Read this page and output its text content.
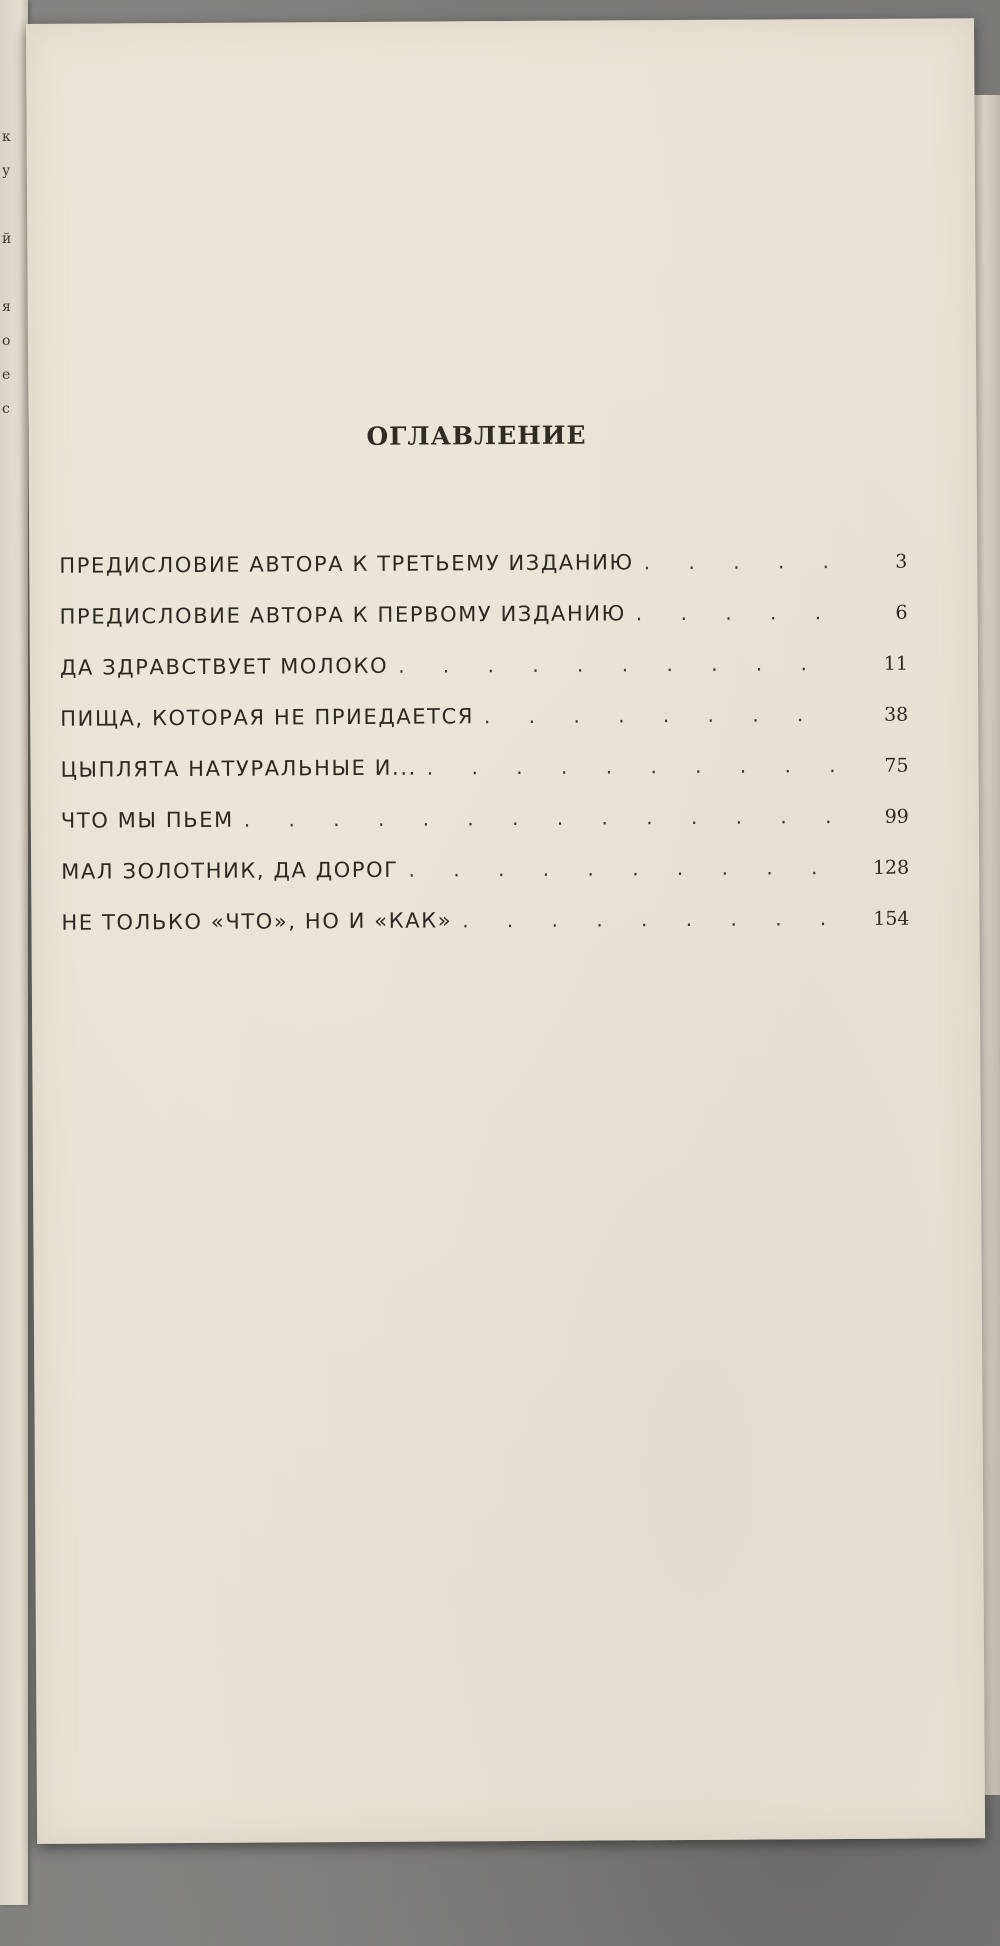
к
у

й

я
о
е
с
ОГЛАВЛЕНИЕ
ПРЕДИСЛОВИЕ АВТОРА К ТРЕТЬЕМУ ИЗДАНИЮ . . .	3
ПРЕДИСЛОВИЕ АВТОРА К ПЕРВОМУ ИЗДАНИЮ . . .	6
ДА ЗДРАВСТВУЕТ МОЛОКО . . .	11
ПИЩА, КОТОРАЯ НЕ ПРИЕДАЕТСЯ . . .	38
ЦЫПЛЯТА НАТУРАЛЬНЫЕ И... . . .	75
ЧТО МЫ ПЬЕМ . . .	99
МАЛ ЗОЛОТНИК, ДА ДОРОГ . . .	128
НЕ ТОЛЬКО «ЧТО», НО И «КАК» . . .	154
